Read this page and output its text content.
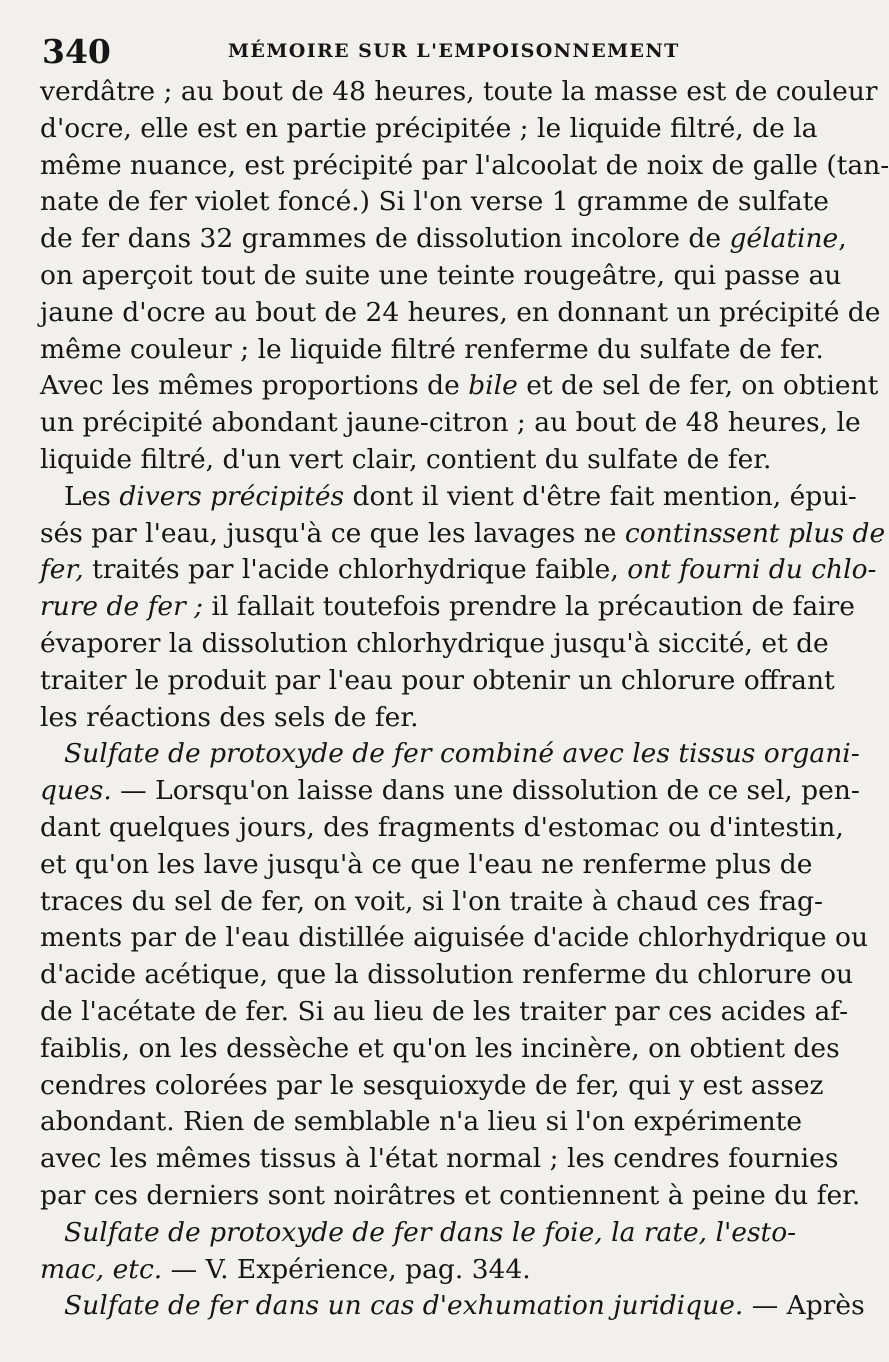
340	MÉMOIRE SUR L'EMPOISONNEMENT
verdâtre ; au bout de 48 heures, toute la masse est de couleur
d'ocre, elle est en partie précipitée ; le liquide filtré, de la
même nuance, est précipité par l'alcoolat de noix de galle (tan-
nate de fer violet foncé.) Si l'on verse 1 gramme de sulfate
de fer dans 32 grammes de dissolution incolore de gélatine,
on aperçoit tout de suite une teinte rougeâtre, qui passe au
jaune d'ocre au bout de 24 heures, en donnant un précipité de
même couleur ; le liquide filtré renferme du sulfate de fer.
Avec les mêmes proportions de bile et de sel de fer, on obtient
un précipité abondant jaune-citron ; au bout de 48 heures, le
liquide filtré, d'un vert clair, contient du sulfate de fer.
Les divers précipités dont il vient d'être fait mention, épui-
sés par l'eau, jusqu'à ce que les lavages ne continssent plus de
fer, traités par l'acide chlorhydrique faible, ont fourni du chlo-
rure de fer ; il fallait toutefois prendre la précaution de faire
évaporer la dissolution chlorhydrique jusqu'à siccité, et de
traiter le produit par l'eau pour obtenir un chlorure offrant
les réactions des sels de fer.
Sulfate de protoxyde de fer combiné avec les tissus organi-
ques. — Lorsqu'on laisse dans une dissolution de ce sel, pen-
dant quelques jours, des fragments d'estomac ou d'intestin,
et qu'on les lave jusqu'à ce que l'eau ne renferme plus de
traces du sel de fer, on voit, si l'on traite à chaud ces frag-
ments par de l'eau distillée aiguisée d'acide chlorhydrique ou
d'acide acétique, que la dissolution renferme du chlorure ou
de l'acétate de fer. Si au lieu de les traiter par ces acides af-
faiblis, on les dessèche et qu'on les incinère, on obtient des
cendres colorées par le sesquioxyde de fer, qui y est assez
abondant. Rien de semblable n'a lieu si l'on expérimente
avec les mêmes tissus à l'état normal ; les cendres fournies
par ces derniers sont noirâtres et contiennent à peine du fer.
Sulfate de protoxyde de fer dans le foie, la rate, l'esto-
mac, etc. — V. Expérience, pag. 344.
Sulfate de fer dans un cas d'exhumation juridique. — Après
